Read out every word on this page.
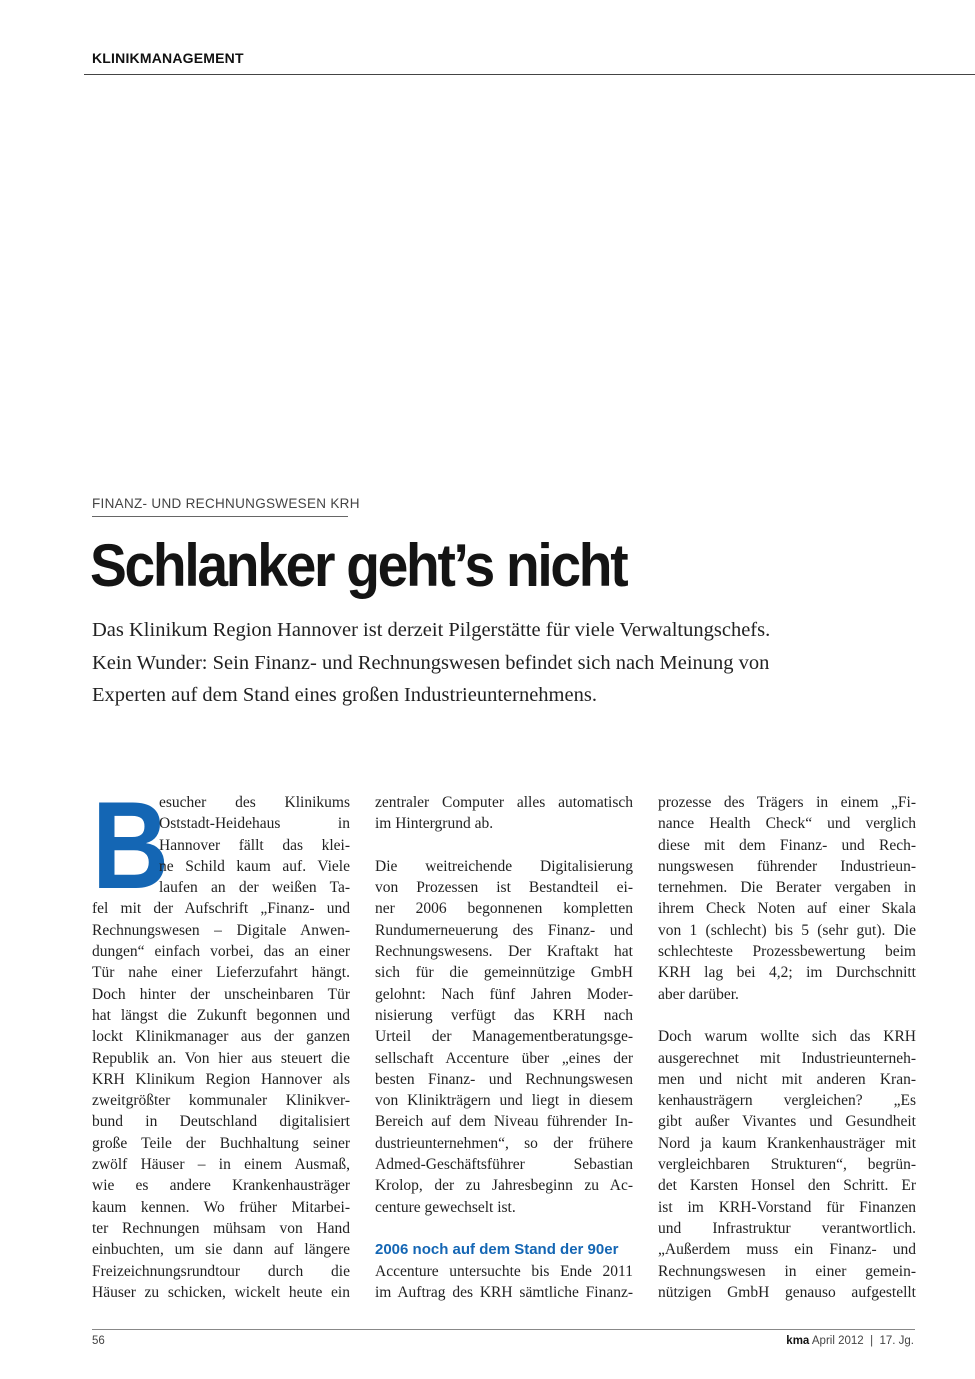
KLINIKMANAGEMENT
FINANZ- UND RECHNUNGSWESEN KRH
Schlanker geht’s nicht
Das Klinikum Region Hannover ist derzeit Pilgerstätte für viele Verwaltungschefs.
Kein Wunder: Sein Finanz- und Rechnungswesen befindet sich nach Meinung von
Experten auf dem Stand eines großen Industrieunternehmens.
B
esucher des Klinikums
Oststadt-Heidehaus in
Hannover fällt das klei-
ne Schild kaum auf. Viele
laufen an der weißen Ta-
fel mit der Aufschrift „Finanz- und
Rechnungswesen – Digitale Anwen-
dungen“ einfach vorbei, das an einer
Tür nahe einer Lieferzufahrt hängt.
Doch hinter der unscheinbaren Tür
hat längst die Zukunft begonnen und
lockt Klinikmanager aus der ganzen
Republik an. Von hier aus steuert die
KRH Klinikum Region Hannover als
zweitgrößter kommunaler Klinikver-
bund in Deutschland digitalisiert
große Teile der Buchhaltung seiner
zwölf Häuser – in einem Ausmaß,
wie es andere Krankenhausträger
kaum kennen. Wo früher Mitarbei-
ter Rechnungen mühsam von Hand
einbuchten, um sie dann auf längere
Freizeichnungsrundtour durch die
Häuser zu schicken, wickelt heute ein
zentraler Computer alles automatisch
im Hintergrund ab.
Die weitreichende Digitalisierung
von Prozessen ist Bestandteil ei-
ner 2006 begonnenen kompletten
Rundumerneuerung des Finanz- und
Rechnungswesens. Der Kraftakt hat
sich für die gemeinnützige GmbH
gelohnt: Nach fünf Jahren Moder-
nisierung verfügt das KRH nach
Urteil der Managementberatungsge-
sellschaft Accenture über „eines der
besten Finanz- und Rechnungswesen
von Klinikträgern und liegt in diesem
Bereich auf dem Niveau führender In-
dustrieunternehmen“, so der frühere
Admed-Geschäftsführer Sebastian
Krolop, der zu Jahresbeginn zu Ac-
centure gewechselt ist.
2006 noch auf dem Stand der 90er
Accenture untersuchte bis Ende 2011
im Auftrag des KRH sämtliche Finanz-
prozesse des Trägers in einem „Fi-
nance Health Check“ und verglich
diese mit dem Finanz- und Rech-
nungswesen führender Industrieun-
ternehmen. Die Berater vergaben in
ihrem Check Noten auf einer Skala
von 1 (schlecht) bis 5 (sehr gut). Die
schlechteste Prozessbewertung beim
KRH lag bei 4,2; im Durchschnitt
aber darüber.
Doch warum wollte sich das KRH
ausgerechnet mit Industrieunterneh-
men und nicht mit anderen Kran-
kenhausträgern vergleichen? „Es
gibt außer Vivantes und Gesundheit
Nord ja kaum Krankenhausträger mit
vergleichbaren Strukturen“, begrün-
det Karsten Honsel den Schritt. Er
ist im KRH-Vorstand für Finanzen
und Infrastruktur verantwortlich.
„Außerdem muss ein Finanz- und
Rechnungswesen in einer gemein-
nützigen GmbH genauso aufgestellt
56	kma April 2012 | 17. Jg.
